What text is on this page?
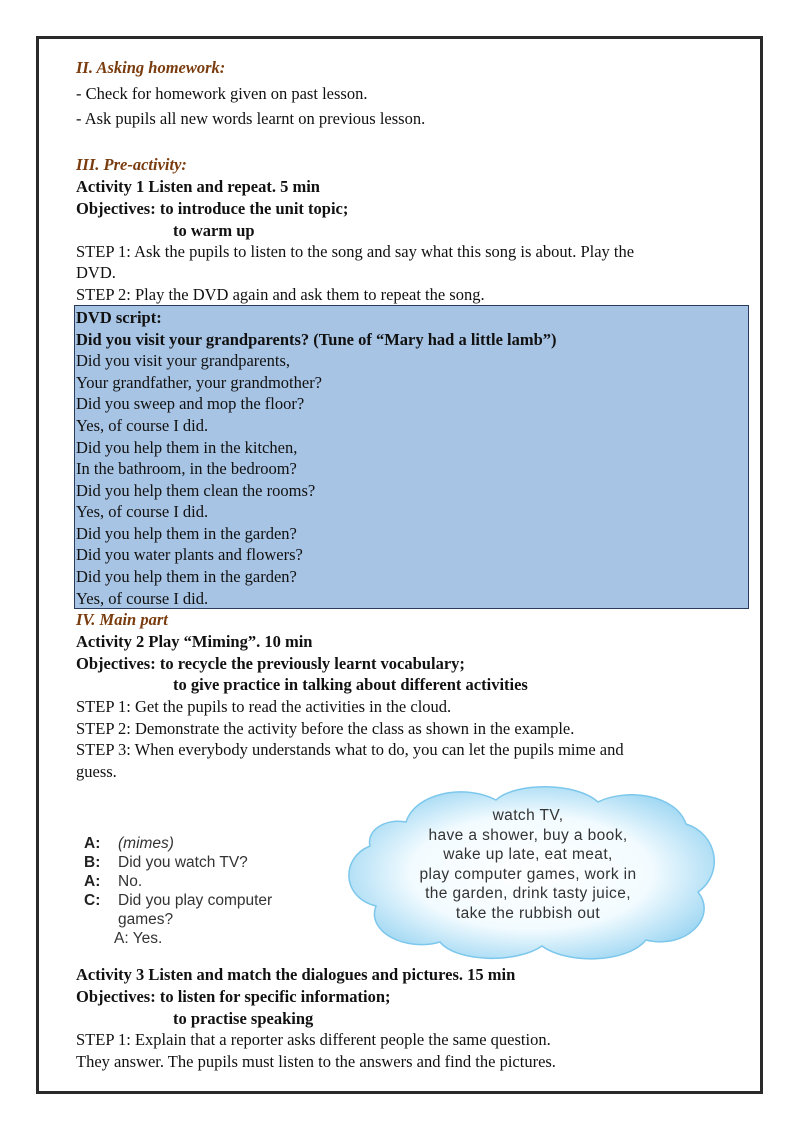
II. Asking homework:
- Check for homework given on past lesson.
- Ask pupils all new words learnt on previous lesson.
III. Pre-activity:
Activity 1 Listen and repeat. 5 min
Objectives: to introduce the unit topic;
to warm up
STEP 1: Ask the pupils to listen to the song and say what this song is about. Play the
DVD.
STEP 2: Play the DVD again and ask them to repeat the song.
DVD script:
Did you visit your grandparents? (Tune of “Mary had a little lamb”)
Did you visit your grandparents,
Your grandfather, your grandmother?
Did you sweep and mop the floor?
Yes, of course I did.
Did you help them in the kitchen,
In the bathroom, in the bedroom?
Did you help them clean the rooms?
Yes, of course I did.
Did you help them in the garden?
Did you water plants and flowers?
Did you help them in the garden?
Yes, of course I did.
IV. Main part
Activity 2 Play “Miming”. 10 min
Objectives: to recycle the previously learnt vocabulary;
to give practice in talking about different activities
STEP 1: Get the pupils to read the activities in the cloud.
STEP 2: Demonstrate the activity before the class as shown in the example.
STEP 3: When everybody understands what to do, you can let the pupils mime and
guess.
Activity 3 Listen and match the dialogues and pictures. 15 min
Objectives: to listen for specific information;
to practise speaking
STEP 1: Explain that a reporter asks different people the same question.
They answer. The pupils must listen to the answers and find the pictures.
A: (mimes)
B: Did you watch TV?
A: No.
C: Did you play computer
games?
A: Yes.
watch TV,
have a shower, buy a book,
wake up late, eat meat,
play computer games, work in
the garden, drink tasty juice,
take the rubbish out
